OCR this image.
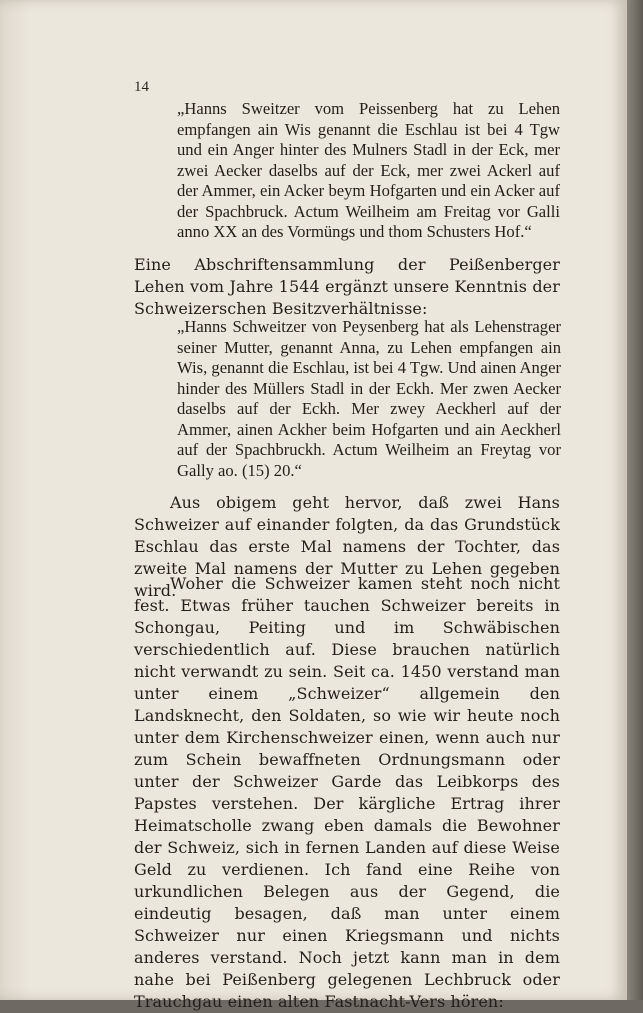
14

„Hanns Sweitzer vom Peissenberg hat zu Lehen empfangen ain Wis genannt die Eschlau ist bei 4 Tgw und ein Anger hinter des Mulners Stadl in der Eck, mer zwei Aecker daselbs auf der Eck, mer zwei Ackerl auf der Ammer, ein Acker beym Hofgarten und ein Acker auf der Spachbruck. Actum Weilheim am Freitag vor Galli anno XX an des Vormüngs und thom Schusters Hof.“

Eine Abschriftensammlung der Peißenberger Lehen vom Jahre 1544 ergänzt unsere Kenntnis der Schweizerschen Besitzverhältnisse:

„Hanns Schweitzer von Peysenberg hat als Lehenstrager seiner Mutter, genannt Anna, zu Lehen empfangen ain Wis, genannt die Eschlau, ist bei 4 Tgw. Und ainen Anger hinder des Müllers Stadl in der Eckh. Mer zwen Aecker daselbs auf der Eckh. Mer zwey Aeckherl auf der Ammer, ainen Ackher beim Hofgarten und ain Aeckherl auf der Spachbruckh. Actum Weilheim an Freytag vor Gally ao. (15) 20.“

Aus obigem geht hervor, daß zwei Hans Schweizer auf einander folgten, da das Grundstück Eschlau das erste Mal namens der Tochter, das zweite Mal namens der Mutter zu Lehen gegeben wird.

Woher die Schweizer kamen steht noch nicht fest. Etwas früher tauchen Schweizer bereits in Schongau, Peiting und im Schwäbischen verschiedentlich auf. Diese brauchen natürlich nicht verwandt zu sein. Seit ca. 1450 verstand man unter einem „Schweizer“ allgemein den Landsknecht, den Soldaten, so wie wir heute noch unter dem Kirchenschweizer einen, wenn auch nur zum Schein bewaffneten Ordnungsmann oder unter der Schweizer Garde das Leibkorps des Papstes verstehen. Der kärgliche Ertrag ihrer Heimatscholle zwang eben damals die Bewohner der Schweiz, sich in fernen Landen auf diese Weise Geld zu verdienen. Ich fand eine Reihe von urkundlichen Belegen aus der Gegend, die eindeutig besagen, daß man unter einem Schweizer nur einen Kriegsmann und nichts anderes verstand. Noch jetzt kann man in dem nahe bei Peißenberg gelegenen Lechbruck oder Trauchgau einen alten Fastnacht-Vers hören:
